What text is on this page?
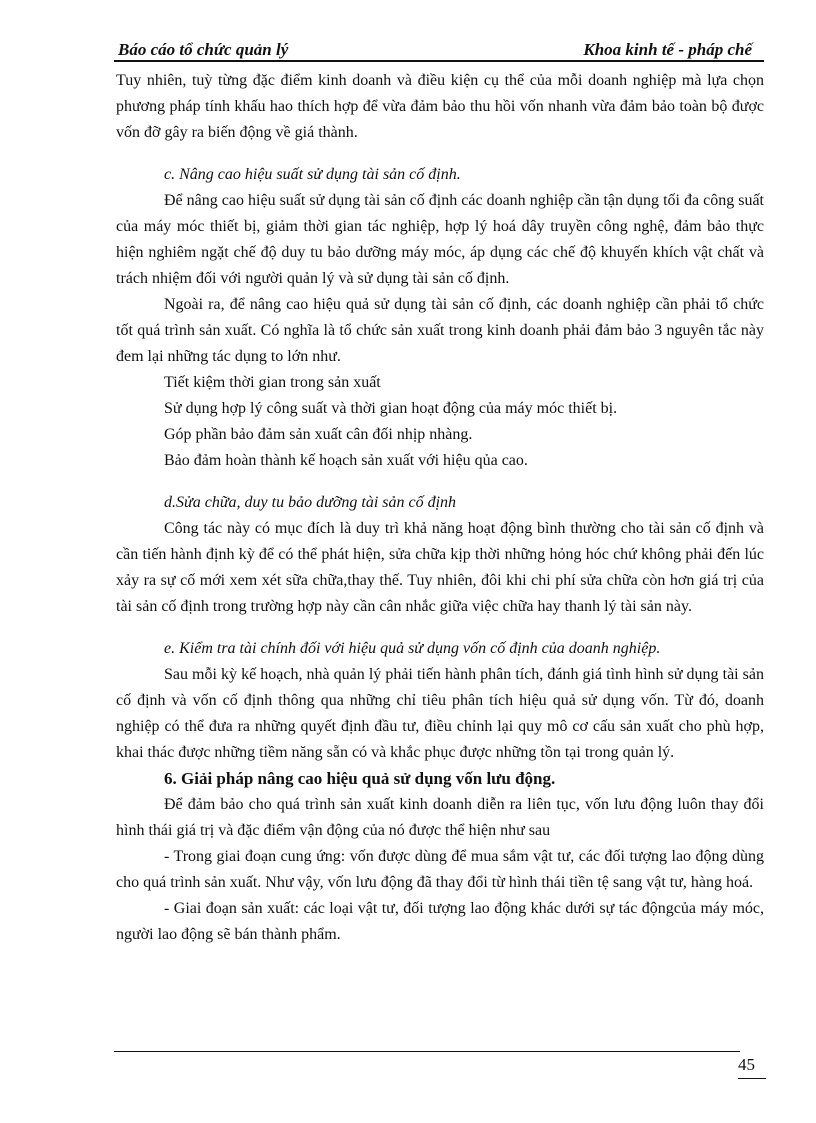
Báo cáo tổ chức quản lý	Khoa kinh tế - pháp chế

Tuy nhiên, tuỳ từng đặc điểm kinh doanh và điều kiện cụ thể của mỗi doanh nghiệp mà lựa chọn phương pháp tính khấu hao thích hợp để vừa đảm bảo thu hồi vốn nhanh vừa đảm bảo toàn bộ được vốn đỡ gây ra biến động về giá thành.

c. Nâng cao hiệu suất sử dụng tài sản cố định.

Để nâng cao hiệu suất sử dụng tài sản cố định các doanh nghiệp cần tận dụng tối đa công suất của máy móc thiết bị, giảm thời gian tác nghiệp, hợp lý hoá dây truyền công nghệ, đảm bảo thực hiện nghiêm ngặt chế độ duy tu bảo dưỡng máy móc, áp dụng các chế độ khuyến khích vật chất và trách nhiệm đối với người quản lý và sử dụng tài sản cố định.

Ngoài ra, để nâng cao hiệu quả sử dụng tài sản cố định, các doanh nghiệp cần phải tổ chức tốt quá trình sản xuất. Có nghĩa là tổ chức sản xuất trong kinh doanh phải đảm bảo 3 nguyên tắc này đem lại những tác dụng to lớn như.

Tiết kiệm thời gian trong sản xuất

Sử dụng hợp lý công suất và thời gian hoạt động của máy móc thiết bị.

Góp phần bảo đảm sản xuất cân đối nhịp nhàng.

Bảo đảm hoàn thành kế hoạch sản xuất với hiệu qủa cao.

d.Sửa chữa, duy tu bảo dưỡng tài sản cố định

Công tác này có mục đích là duy trì khả năng hoạt động bình thường cho tài sản cố định và cần tiến hành định kỳ để có thể phát hiện, sửa chữa kịp thời những hỏng hóc chứ không phải đến lúc xảy ra sự cố mới xem xét sữa chữa,thay thế. Tuy nhiên, đôi khi chi phí sửa chữa còn hơn giá trị của tài sản cố định trong trường hợp này cần cân nhắc giữa việc chữa hay thanh lý tài sản này.

e. Kiểm tra tài chính đối với hiệu quả sử dụng vốn cố định của doanh nghiệp.

Sau mỗi kỳ kế hoạch, nhà quản lý phải tiến hành phân tích, đánh giá tình hình sử dụng tài sản cố định và vốn cố định thông qua những chỉ tiêu phân tích hiệu quả sử dụng vốn. Từ đó, doanh nghiệp có thể đưa ra những quyết định đầu tư, điều chỉnh lại quy mô cơ cấu sản xuất cho phù hợp, khai thác được những tiềm năng sẵn có và khắc phục được những tồn tại trong quản lý.

6. Giải pháp nâng cao hiệu quả sử dụng vốn lưu động.

Để đảm bảo cho quá trình sản xuất kinh doanh diễn ra liên tục, vốn lưu động luôn thay đổi hình thái giá trị và đặc điểm vận động của nó được thể hiện như sau

- Trong giai đoạn cung ứng: vốn được dùng để mua sắm vật tư, các đối tượng lao động dùng cho quá trình sản xuất. Như vậy, vốn lưu động đã thay đổi từ hình thái tiền tệ sang vật tư, hàng hoá.

- Giai đoạn sản xuất: các loại vật tư, đối tượng lao động khác dưới sự tác độngcủa máy móc, người lao động sẽ bán thành phẩm.

45
